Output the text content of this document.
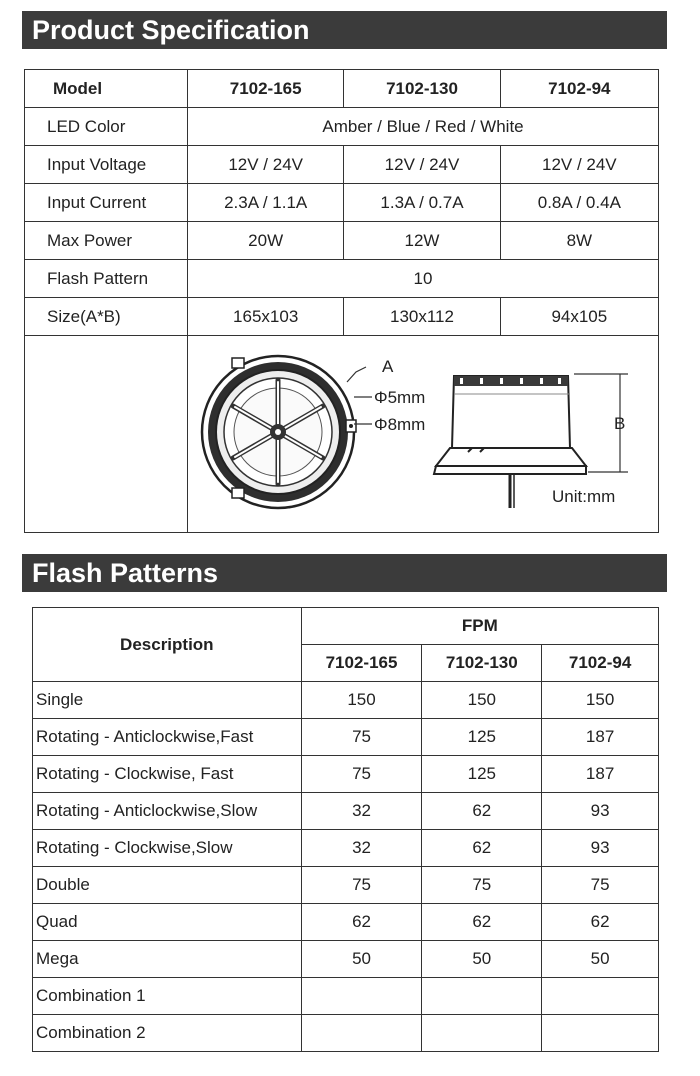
Product Specification
Model	7102-165	7102-130	7102-94
LED Color	Amber / Blue / Red / White		
Input Voltage	12V / 24V	12V / 24V	12V / 24V
Input Current	2.3A / 1.1A	1.3A / 0.7A	0.8A / 0.4A
Max Power	20W	12W	8W
Flash Pattern	10		
Size(A*B)	165x103	130x112	94x105

A
Φ5mm
Φ8mm B
Unit:mm		
Flash Patterns
Description	FPM		
	7102-165	7102-130	7102-94
Single	150	150	150
Rotating - Anticlockwise,Fast	75	125	187
Rotating - Clockwise, Fast	75	125	187
Rotating - Anticlockwise,Slow	32	62	93
Rotating - Clockwise,Slow	32	62	93
Double	75	75	75
Quad	62	62	62
Mega	50	50	50
Combination 1			
Combination 2			
